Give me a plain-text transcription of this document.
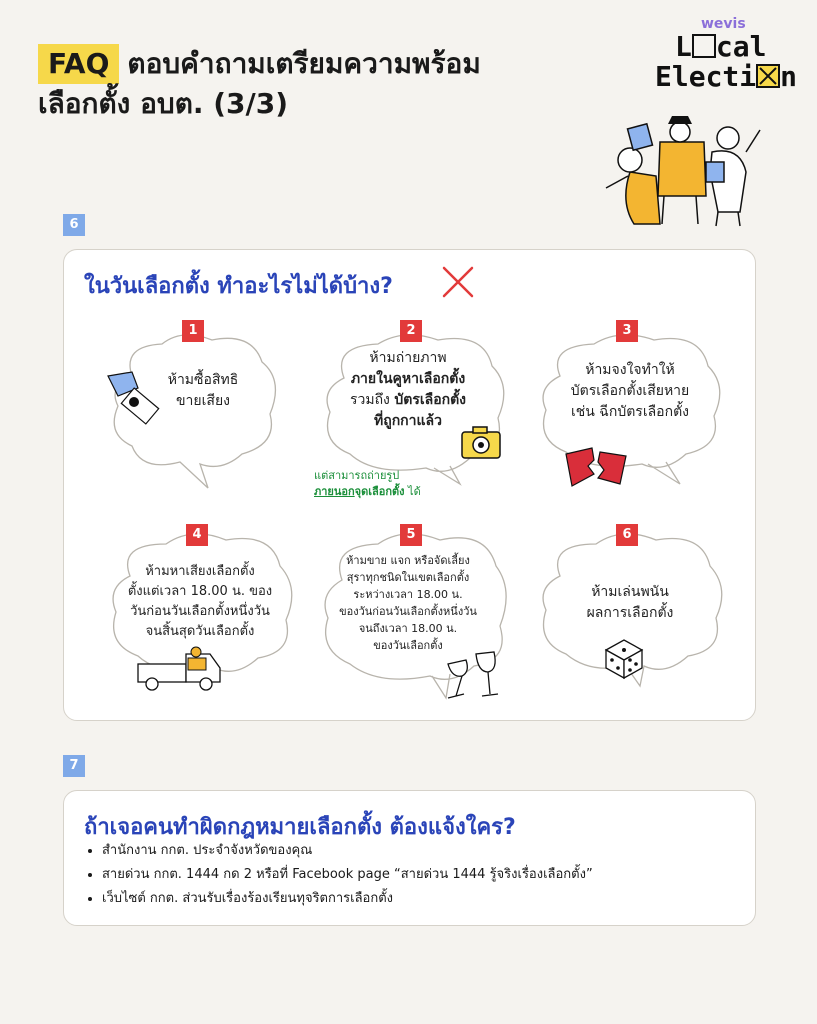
FAQ ตอบคำถามเตรียมความพร้อม
เลือกตั้ง อบต. (3/3)
wevis
L cal
Electi n
6
ในวันเลือกตั้ง ทำอะไรไม่ได้บ้าง?
1
ห้ามซื้อสิทธิ
ขายเสียง
2
ห้ามถ่ายภาพ
ภายในคูหาเลือกตั้ง
รวมถึง บัตรเลือกตั้ง
ที่ถูกกาแล้ว
แต่สามารถถ่ายรูป
ภายนอกจุดเลือกตั้ง ได้
3
ห้ามจงใจทำให้
บัตรเลือกตั้งเสียหาย
เช่น ฉีกบัตรเลือกตั้ง
4
ห้ามหาเสียงเลือกตั้ง
ตั้งแต่เวลา 18.00 น. ของ
วันก่อนวันเลือกตั้งหนึ่งวัน
จนสิ้นสุดวันเลือกตั้ง
5
ห้ามขาย แจก หรือจัดเลี้ยง
สุราทุกชนิดในเขตเลือกตั้ง
ระหว่างเวลา 18.00 น.
ของวันก่อนวันเลือกตั้งหนึ่งวัน
จนถึงเวลา 18.00 น.
ของวันเลือกตั้ง
6
ห้ามเล่นพนัน
ผลการเลือกตั้ง
7
ถ้าเจอคนทำผิดกฎหมายเลือกตั้ง ต้องแจ้งใคร?
• สำนักงาน กกต. ประจำจังหวัดของคุณ
• สายด่วน กกต. 1444 กด 2 หรือที่ Facebook page “สายด่วน 1444 รู้จริงเรื่องเลือกตั้ง”
• เว็บไซต์ กกต. ส่วนรับเรื่องร้องเรียนทุจริตการเลือกตั้ง
